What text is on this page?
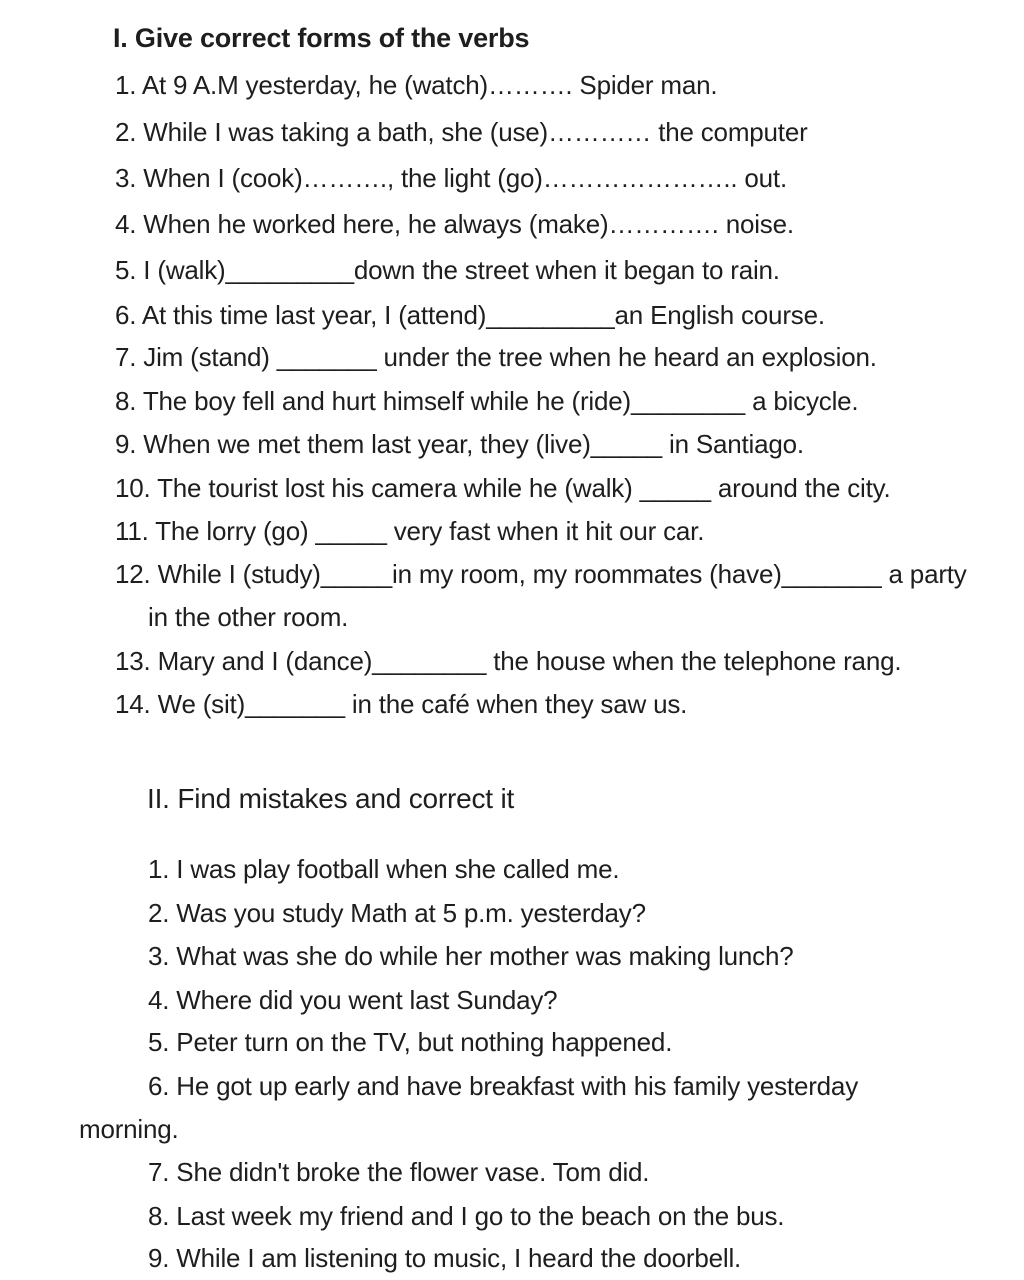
I. Give correct forms of the verbs
1. At 9 A.M yesterday, he (watch)………. Spider man.
2. While I was taking a bath, she (use)………… the computer
3. When I (cook)………., the light (go)………………….. out.
4. When he worked here, he always (make)…………. noise.
5. I (walk)_________down the street when it began to rain.
6. At this time last year, I (attend)_________an English course.
7. Jim (stand) _______ under the tree when he heard an explosion.
8. The boy fell and hurt himself while he (ride)________ a bicycle.
9. When we met them last year, they (live)_____ in Santiago.
10. The tourist lost his camera while he (walk) _____ around the city.
11. The lorry (go) _____ very fast when it hit our car.
12. While I (study)_____in my room, my roommates (have)_______ a party
in the other room.
13. Mary and I (dance)________ the house when the telephone rang.
14. We (sit)_______ in the café when they saw us.
II. Find mistakes and correct it
1. I was play football when she called me.
2. Was you study Math at 5 p.m. yesterday?
3. What was she do while her mother was making lunch?
4. Where did you went last Sunday?
5. Peter turn on the TV, but nothing happened.
6. He got up early and have breakfast with his family yesterday
morning.
7. She didn't broke the flower vase. Tom did.
8. Last week my friend and I go to the beach on the bus.
9. While I am listening to music, I heard the doorbell.
